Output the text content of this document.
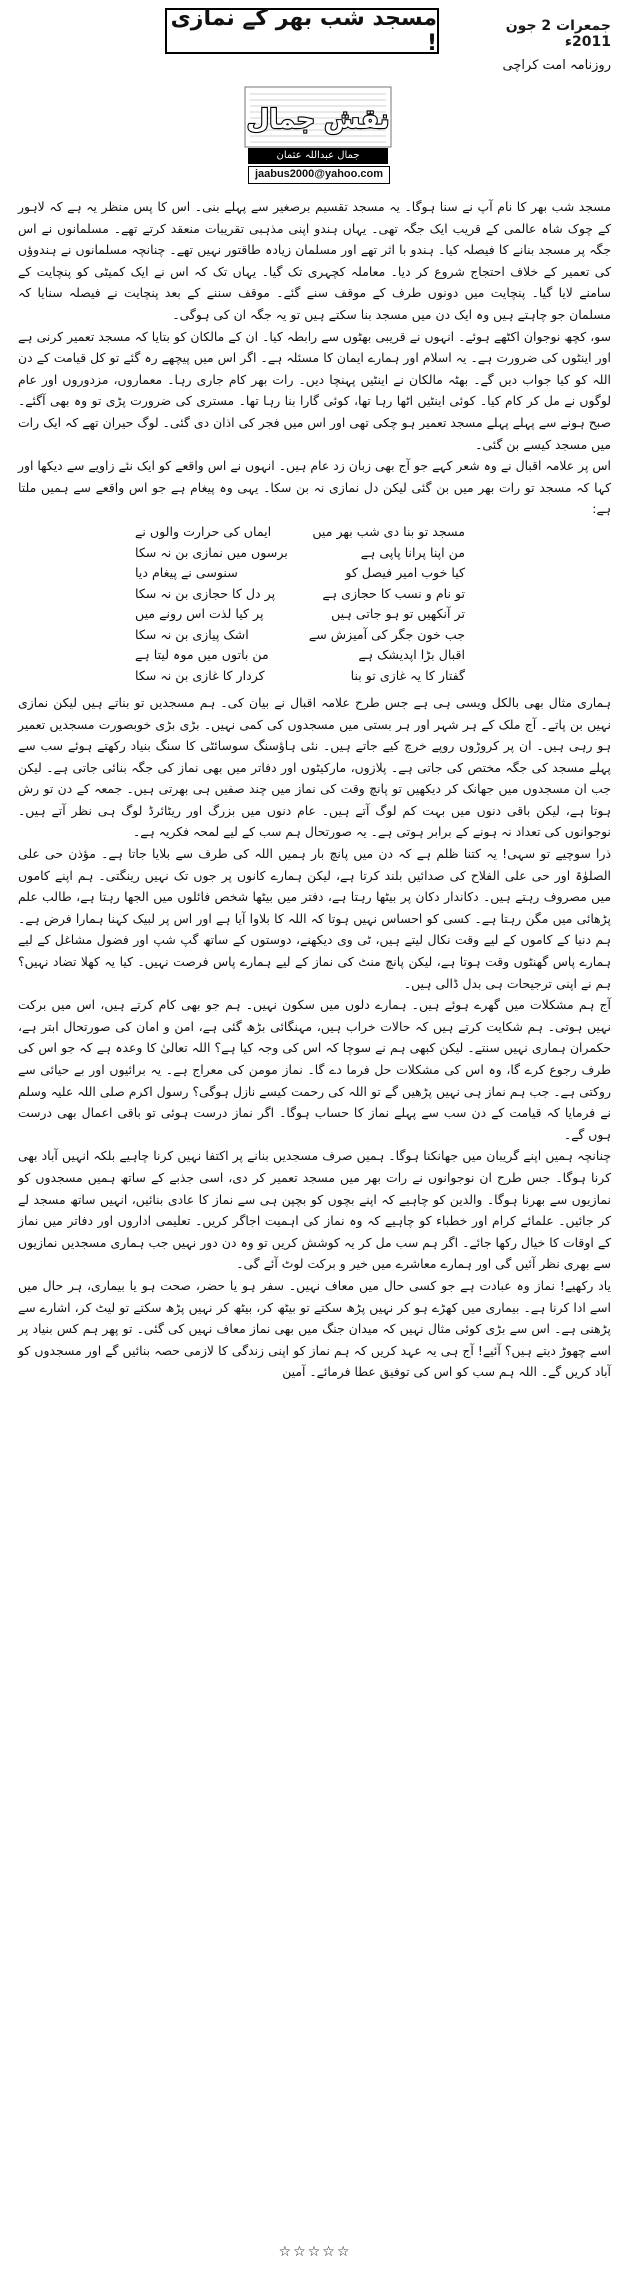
جمعرات 2 جون 2011ء
مسجد شب بھر کے نمازی !
روزنامہ امت کراچی
نقش جمال
جمال عبداللہ عثمان
jaabus2000@yahoo.com

مسجد شب بھر کا نام آپ نے سنا ہوگا۔ یہ مسجد تقسیم برصغیر سے پہلے بنی۔ اس کا پس منظر یہ ہے کہ لاہور کے چوک شاہ عالمی کے قریب ایک جگہ تھی۔ یہاں ہندو اپنی مذہبی تقریبات منعقد کرتے تھے۔ مسلمانوں نے اس جگہ پر مسجد بنانے کا فیصلہ کیا۔ ہندو با اثر تھے اور مسلمان زیادہ طاقتور نہیں تھے۔ چنانچہ مسلمانوں نے ہندوؤں کی تعمیر کے خلاف احتجاج شروع کر دیا۔ معاملہ کچہری تک گیا۔ یہاں تک کہ اس نے ایک کمیٹی کو پنچایت کے سامنے لایا گیا۔ پنچایت میں دونوں طرف کے موقف سنے گئے۔ موقف سننے کے بعد پنچایت نے فیصلہ سنایا کہ مسلمان جو چاہتے ہیں وہ ایک دن میں مسجد بنا سکتے ہیں تو یہ جگہ ان کی ہوگی۔

سو، کچھ نوجوان اکٹھے ہوئے۔ انہوں نے قریبی بھٹوں سے رابطہ کیا۔ ان کے مالکان کو بتایا کہ مسجد تعمیر کرنی ہے اور اینٹوں کی ضرورت ہے۔ یہ اسلام اور ہمارے ایمان کا مسئلہ ہے۔ اگر اس میں پیچھے رہ گئے تو کل قیامت کے دن اللہ کو کیا جواب دیں گے۔ بھٹہ مالکان نے اینٹیں پہنچا دیں۔ رات بھر کام جاری رہا۔ معماروں، مزدوروں اور عام لوگوں نے مل کر کام کیا۔ کوئی اینٹیں اٹھا رہا تھا، کوئی گارا بنا رہا تھا۔ مستری کی ضرورت پڑی تو وہ بھی آگئے۔ صبح ہونے سے پہلے پہلے مسجد تعمیر ہو چکی تھی اور اس میں فجر کی اذان دی گئی۔ لوگ حیران تھے کہ ایک رات میں مسجد کیسے بن گئی۔

اس پر علامہ اقبال نے وہ شعر کہے جو آج بھی زبان زد عام ہیں۔ انہوں نے اس واقعے کو ایک نئے زاویے سے دیکھا اور کہا کہ مسجد تو رات بھر میں بن گئی لیکن دل نمازی نہ بن سکا۔ یہی وہ پیغام ہے جو اس واقعے سے ہمیں ملتا ہے:

ہماری مثال بھی بالکل ویسی ہی ہے جس طرح علامہ اقبال نے بیان کی۔ ہم مسجدیں تو بناتے ہیں لیکن نمازی نہیں بن پاتے۔ آج ملک کے ہر شہر اور ہر بستی میں مسجدوں کی کمی نہیں۔ بڑی بڑی خوبصورت مسجدیں تعمیر ہو رہی ہیں۔ ان پر کروڑوں روپے خرچ کیے جاتے ہیں۔ نئی ہاؤسنگ سوسائٹی کا سنگ بنیاد رکھتے ہوئے سب سے پہلے مسجد کی جگہ مختص کی جاتی ہے۔ پلازوں، مارکیٹوں اور دفاتر میں بھی نماز کی جگہ بنائی جاتی ہے۔ لیکن جب ان مسجدوں میں جھانک کر دیکھیں تو پانچ وقت کی نماز میں چند صفیں ہی بھرتی ہیں۔ جمعہ کے دن تو رش ہوتا ہے، لیکن باقی دنوں میں بہت کم لوگ آتے ہیں۔ عام دنوں میں بزرگ اور ریٹائرڈ لوگ ہی نظر آتے ہیں۔ نوجوانوں کی تعداد نہ ہونے کے برابر ہوتی ہے۔ یہ صورتحال ہم سب کے لیے لمحہ فکریہ ہے۔

ذرا سوچیے تو سہی! یہ کتنا ظلم ہے کہ دن میں پانچ بار ہمیں اللہ کی طرف سے بلایا جاتا ہے۔ مؤذن حی علی الصلوٰۃ اور حی علی الفلاح کی صدائیں بلند کرتا ہے، لیکن ہمارے کانوں پر جوں تک نہیں رینگتی۔ ہم اپنے کاموں میں مصروف رہتے ہیں۔ دکاندار دکان پر بیٹھا رہتا ہے، دفتر میں بیٹھا شخص فائلوں میں الجھا رہتا ہے، طالب علم پڑھائی میں مگن رہتا ہے۔ کسی کو احساس نہیں ہوتا کہ اللہ کا بلاوا آیا ہے اور اس پر لبیک کہنا ہمارا فرض ہے۔ ہم دنیا کے کاموں کے لیے وقت نکال لیتے ہیں، ٹی وی دیکھنے، دوستوں کے ساتھ گپ شپ اور فضول مشاغل کے لیے ہمارے پاس گھنٹوں وقت ہوتا ہے، لیکن پانچ منٹ کی نماز کے لیے ہمارے پاس فرصت نہیں۔ کیا یہ کھلا تضاد نہیں؟ ہم نے اپنی ترجیحات ہی بدل ڈالی ہیں۔

آج ہم مشکلات میں گھرے ہوئے ہیں۔ ہمارے دلوں میں سکون نہیں۔ ہم جو بھی کام کرتے ہیں، اس میں برکت نہیں ہوتی۔ ہم شکایت کرتے ہیں کہ حالات خراب ہیں، مہنگائی بڑھ گئی ہے، امن و امان کی صورتحال ابتر ہے، حکمران ہماری نہیں سنتے۔ لیکن کبھی ہم نے سوچا کہ اس کی وجہ کیا ہے؟ اللہ تعالیٰ کا وعدہ ہے کہ جو اس کی طرف رجوع کرے گا، وہ اس کی مشکلات حل فرما دے گا۔ نماز مومن کی معراج ہے۔ یہ برائیوں اور بے حیائی سے روکتی ہے۔ جب ہم نماز ہی نہیں پڑھیں گے تو اللہ کی رحمت کیسے نازل ہوگی؟ رسول اکرم صلی اللہ علیہ وسلم نے فرمایا کہ قیامت کے دن سب سے پہلے نماز کا حساب ہوگا۔ اگر نماز درست ہوئی تو باقی اعمال بھی درست ہوں گے۔

چنانچہ ہمیں اپنے گریبان میں جھانکنا ہوگا۔ ہمیں صرف مسجدیں بنانے پر اکتفا نہیں کرنا چاہیے بلکہ انہیں آباد بھی کرنا ہوگا۔ جس طرح ان نوجوانوں نے رات بھر میں مسجد تعمیر کر دی، اسی جذبے کے ساتھ ہمیں مسجدوں کو نمازیوں سے بھرنا ہوگا۔ والدین کو چاہیے کہ اپنے بچوں کو بچپن ہی سے نماز کا عادی بنائیں، انہیں ساتھ مسجد لے کر جائیں۔ علمائے کرام اور خطباء کو چاہیے کہ وہ نماز کی اہمیت اجاگر کریں۔ تعلیمی اداروں اور دفاتر میں نماز کے اوقات کا خیال رکھا جائے۔ اگر ہم سب مل کر یہ کوشش کریں تو وہ دن دور نہیں جب ہماری مسجدیں نمازیوں سے بھری نظر آئیں گی اور ہمارے معاشرے میں خیر و برکت لوٹ آئے گی۔

یاد رکھیے! نماز وہ عبادت ہے جو کسی حال میں معاف نہیں۔ سفر ہو یا حضر، صحت ہو یا بیماری، ہر حال میں اسے ادا کرنا ہے۔ بیماری میں کھڑے ہو کر نہیں پڑھ سکتے تو بیٹھ کر، بیٹھ کر نہیں پڑھ سکتے تو لیٹ کر، اشارے سے پڑھنی ہے۔ اس سے بڑی کوئی مثال نہیں کہ میدان جنگ میں بھی نماز معاف نہیں کی گئی۔ تو پھر ہم کس بنیاد پر اسے چھوڑ دیتے ہیں؟ آئیے! آج ہی یہ عہد کریں کہ ہم نماز کو اپنی زندگی کا لازمی حصہ بنائیں گے اور مسجدوں کو آباد کریں گے۔ اللہ ہم سب کو اس کی توفیق عطا فرمائے۔ آمین

مسجد تو بنا دی شب بھر میں
ایماں کی حرارت والوں نے
من اپنا پرانا پاپی ہے
برسوں میں نمازی بن نہ سکا
کیا خوب امیر فیصل کو
سنوسی نے پیغام دیا
تو نام و نسب کا حجازی ہے
پر دل کا حجازی بن نہ سکا
تر آنکھیں تو ہو جاتی ہیں
پر کیا لذت اس رونے میں
جب خون جگر کی آمیزش سے
اشک پیازی بن نہ سکا
اقبال بڑا اپدیشک ہے
من باتوں میں موہ لیتا ہے
گفتار کا یہ غازی تو بنا
کردار کا غازی بن نہ سکا
☆☆☆☆☆
